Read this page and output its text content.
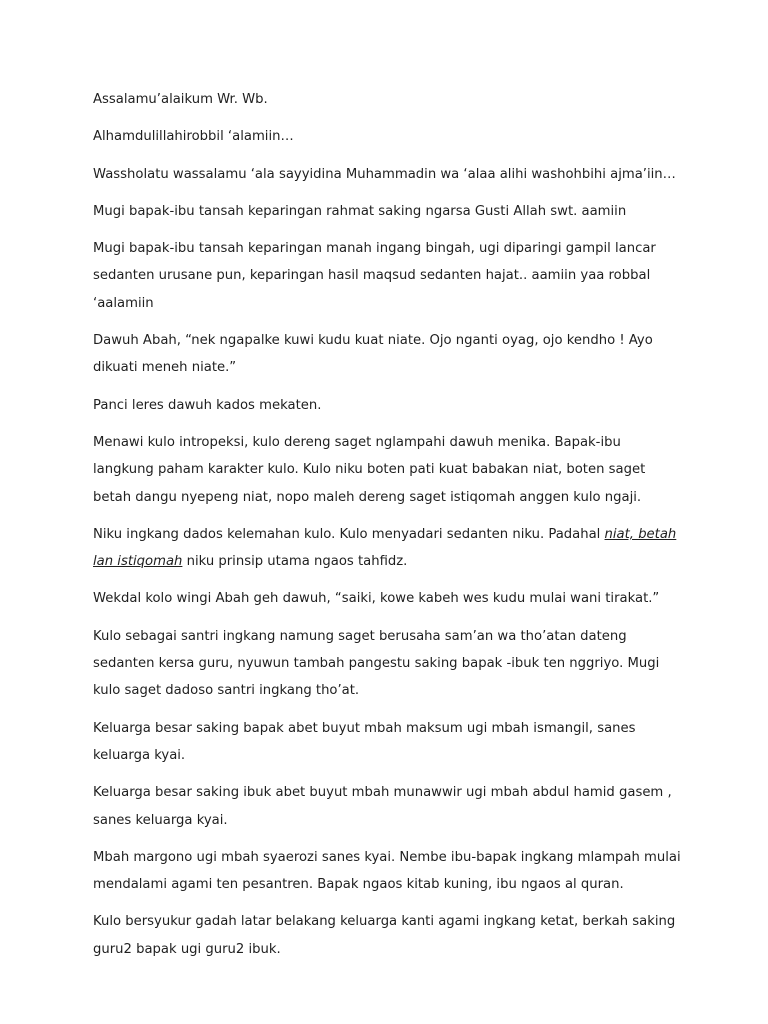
Assalamu’alaikum Wr. Wb.

Alhamdulillahirobbil ‘alamiin…

Wassholatu wassalamu ‘ala sayyidina Muhammadin wa ‘alaa alihi washohbihi ajma’iin…

Mugi bapak-ibu tansah keparingan rahmat saking ngarsa Gusti Allah swt. aamiin

Mugi bapak-ibu tansah keparingan manah ingang bingah, ugi diparingi gampil lancar sedanten urusane pun, keparingan hasil maqsud sedanten hajat.. aamiin yaa robbal ‘aalamiin

Dawuh Abah, “nek ngapalke kuwi kudu kuat niate. Ojo nganti oyag, ojo kendho ! Ayo dikuati meneh niate.”

Panci leres dawuh kados mekaten.

Menawi kulo intropeksi, kulo dereng saget nglampahi dawuh menika. Bapak-ibu langkung paham karakter kulo. Kulo niku boten pati kuat babakan niat, boten saget betah dangu nyepeng niat, nopo maleh dereng saget istiqomah anggen kulo ngaji.

Niku ingkang dados kelemahan kulo. Kulo menyadari sedanten niku. Padahal niat, betah lan istiqomah niku prinsip utama ngaos tahfidz.

Wekdal kolo wingi Abah geh dawuh, “saiki, kowe kabeh wes kudu mulai wani tirakat.”

Kulo sebagai santri ingkang namung saget berusaha sam’an wa tho’atan dateng sedanten kersa guru, nyuwun tambah pangestu saking bapak -ibuk ten nggriyo. Mugi kulo saget dadoso santri ingkang tho’at.

Keluarga besar saking bapak abet buyut mbah maksum ugi mbah ismangil, sanes keluarga kyai.

Keluarga besar saking ibuk abet buyut mbah munawwir ugi mbah abdul hamid gasem , sanes keluarga kyai.

Mbah margono ugi mbah syaerozi sanes kyai. Nembe ibu-bapak ingkang mlampah mulai mendalami agami ten pesantren. Bapak ngaos kitab kuning, ibu ngaos al quran.

Kulo bersyukur gadah latar belakang keluarga kanti agami ingkang ketat, berkah saking guru2 bapak ugi guru2 ibuk.
